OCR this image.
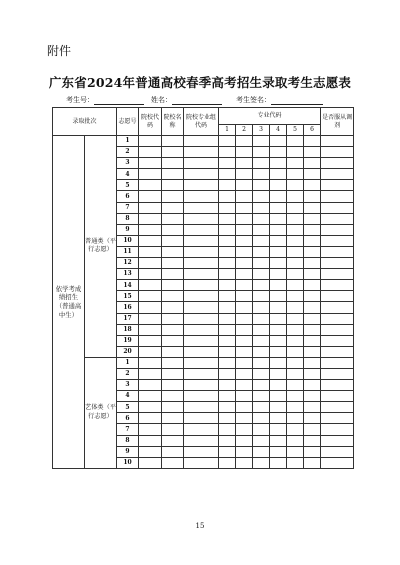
附件
广东省2024年普通高校春季高考招生录取考生志愿表
考生号：	姓名：	考生签名：
录取批次		志愿号	院校代码	院校名称	院校专业组代码	专业代码						是否服从调剂
						1	2	3	4	5	6	
依学考成绩招生（普通高中生）	普通类（平行志愿）	1										
		2										
		3										
		4										
		5										
		6										
		7										
		8										
		9										
		10										
		11										
		12										
		13										
		14										
		15										
		16										
		17										
		18										
		19										
		20										
	艺体类（平行志愿）	1										
		2										
		3										
		4										
		5										
		6										
		7										
		8										
		9										
		10										
15
